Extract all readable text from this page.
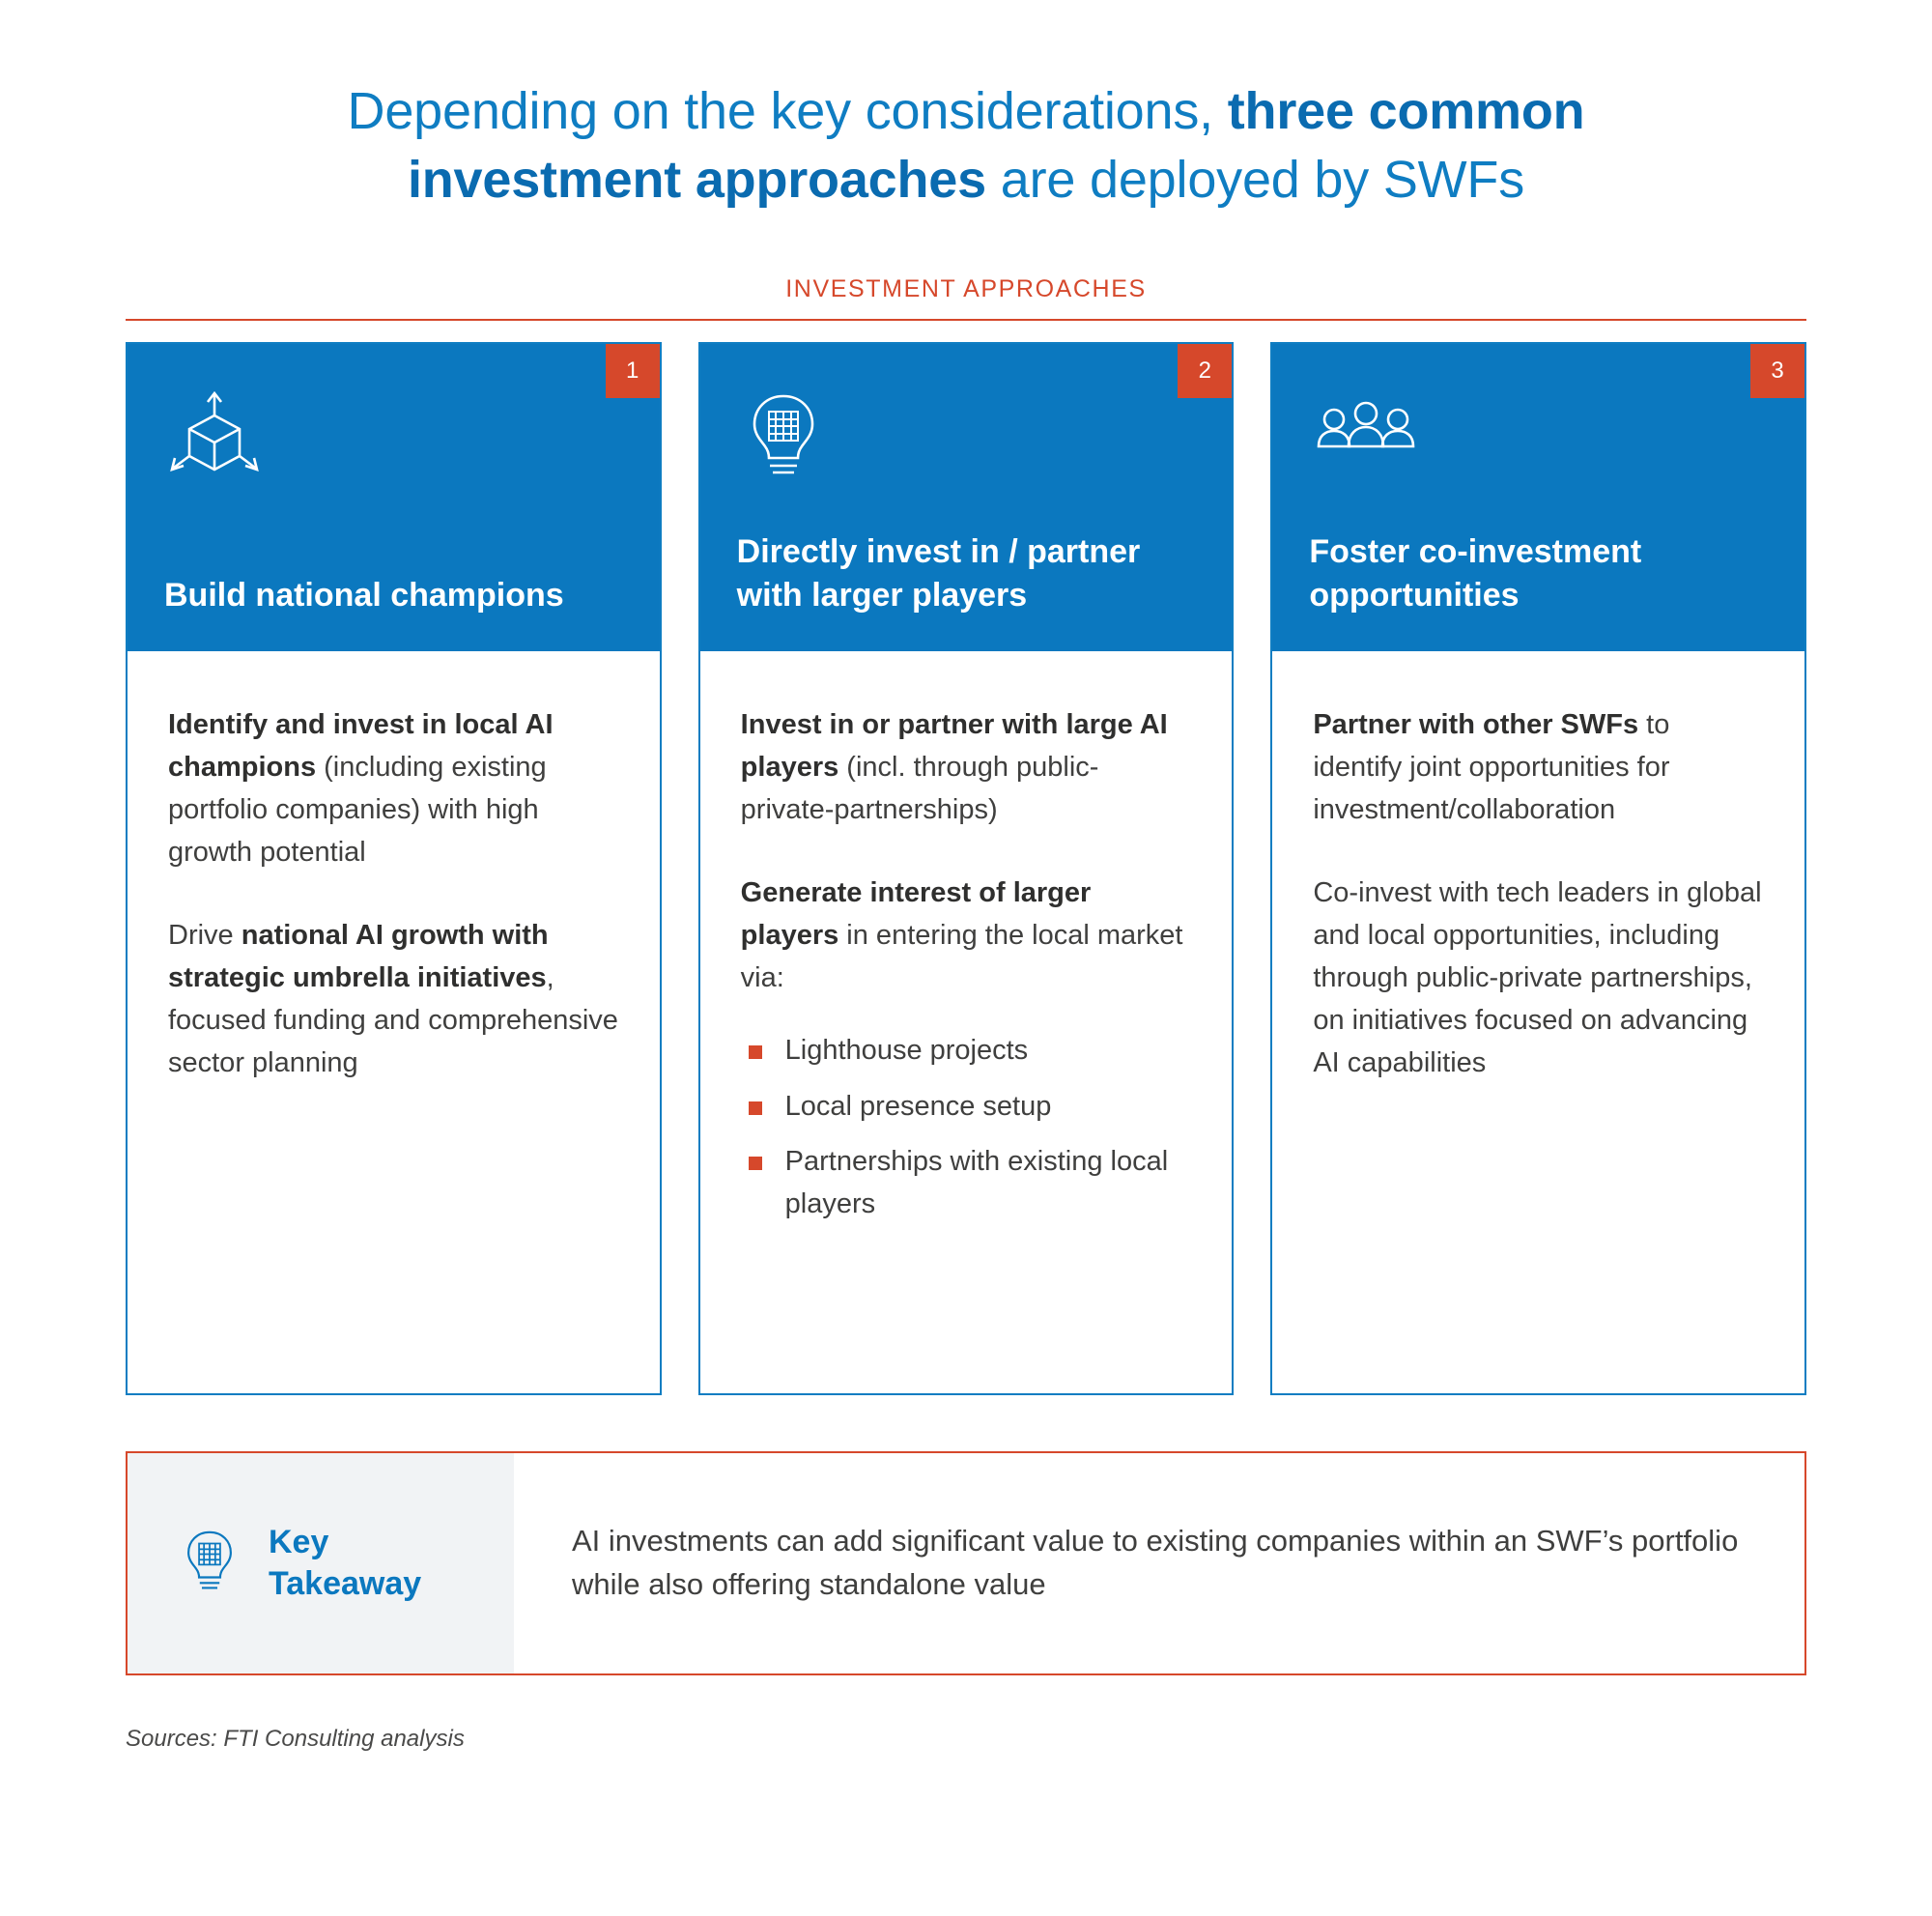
Depending on the key considerations, three common
investment approaches are deployed by SWFs
INVESTMENT APPROACHES
1
Build national champions
Identify and invest in local AI champions (including existing portfolio companies) with high growth potential
Drive national AI growth with strategic umbrella initiatives, focused funding and comprehensive sector planning
2
Directly invest in / partner with larger players
Invest in or partner with large AI players (incl. through public-private-partnerships)
Generate interest of larger players in entering the local market via:
Lighthouse projects
Local presence setup
Partnerships with existing local players
3
Foster co-investment opportunities
Partner with other SWFs to identify joint opportunities for investment/collaboration
Co-invest with tech leaders in global and local opportunities, including through public-private partnerships, on initiatives focused on advancing AI capabilities
Key
Takeaway
AI investments can add significant value to existing companies within an SWF’s portfolio while also offering standalone value
Sources: FTI Consulting analysis
